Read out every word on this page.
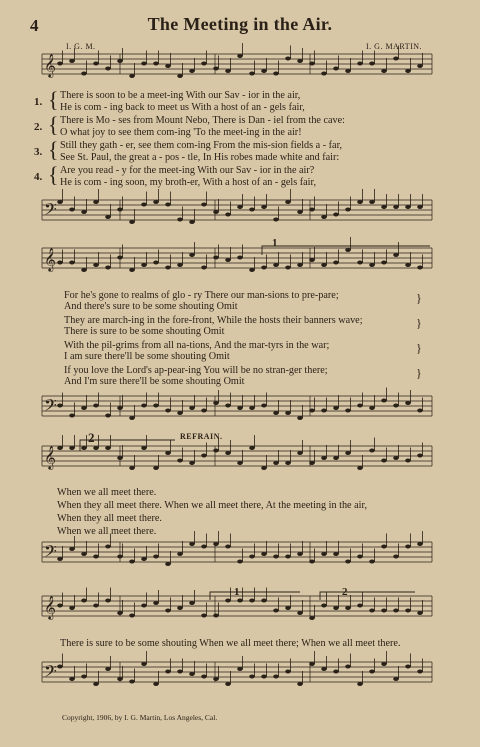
4	The Meeting in the Air.
I. G. M.	I. G. MARTIN.
𝄞
𝄢
𝄞
𝄢
𝄞
𝄢
𝄞
𝄢
1
2
1	2
REFRAIN.
1. { There is soon to be a meet-ing With our Sav - ior in the air,
He is com - ing back to meet us With a host of an - gels fair,
2. { There is Mo - ses from Mount Nebo, There is Dan - iel from the cave:
O what joy to see them com-ing 'To the meet-ing in the air!
3. { Still they gath - er, see them com-ing From the mis-sion fields a - far,
See St. Paul, the great a - pos - tle, In His robes made white and fair:
4. { Are you read - y for the meet-ing With our Sav - ior in the air?
He is com - ing soon, my broth-er, With a host of an - gels fair,
For he's gone to realms of glo - ry There our man-sions to pre-pare;
And there's sure to be some shouting Omit
They are march-ing in the fore-front, While the hosts their banners wave;
There is sure to be some shouting Omit
With the pil-grims from all na-tions, And the mar-tyrs in the war;
I am sure there'll be some shouting Omit
If you love the Lord's ap-pear-ing You will be no stran-ger there;
And I'm sure there'll be some shouting Omit
}
}
}
}
When we all meet there.
When they all meet there. When we all meet there, At the meeting in the air,
When they all meet there.
When we all meet there.
There is sure to be some shouting When we all meet there; When we all meet there.
Copyright, 1906, by I. G. Martin, Los Angeles, Cal.
